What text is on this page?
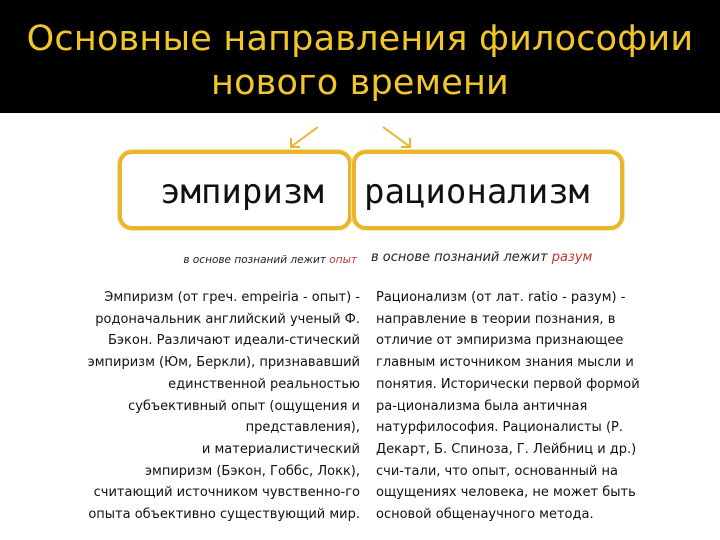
Основные направления философии
нового времени
эмпиризм рационализм
в основе познаний лежит опыт в основе познаний лежит разум
Эмпиризм (от греч. empeiria - опыт) -
родоначальник английский ученый Ф.
Бэкон. Различают идеали-стический
эмпиризм (Юм, Беркли), признававший
единственной реальностью
субъективный опыт (ощущения и
представления),
и материалистический
эмпиризм (Бэкон, Гоббс, Локк),
считающий источником чувственно-го
опыта объективно существующий мир.
Рационализм (от лат. ratio - разум) -
направление в теории познания, в
отличие от эмпиризма признающее
главным источником знания мысли и
понятия. Исторически первой формой
ра-ционализма была античная
натурфилософия. Рационалисты (Р.
Декарт, Б. Спиноза, Г. Лейбниц и др.)
счи-тали, что опыт, основанный на
ощущениях человека, не может быть
основой общенаучного метода.
